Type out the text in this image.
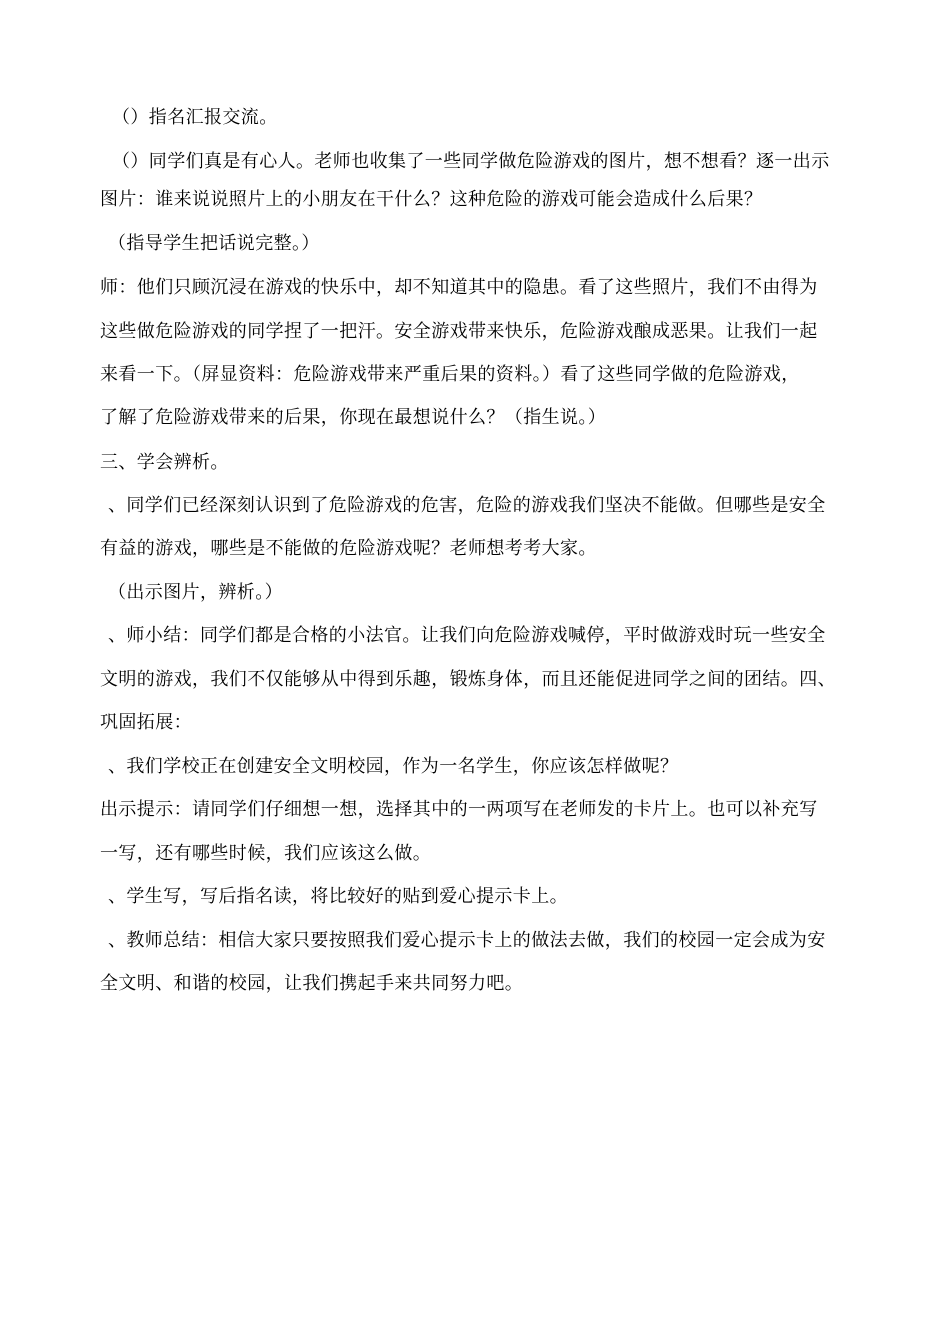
（）指名汇报交流。
（）同学们真是有心人。老师也收集了一些同学做危险游戏的图片，想不想看？逐一出示
图片：谁来说说照片上的小朋友在干什么？这种危险的游戏可能会造成什么后果？
（指导学生把话说完整。）
师：他们只顾沉浸在游戏的快乐中，却不知道其中的隐患。看了这些照片，我们不由得为
这些做危险游戏的同学捏了一把汗。安全游戏带来快乐，危险游戏酿成恶果。让我们一起
来看一下。（屏显资料：危险游戏带来严重后果的资料。）看了这些同学做的危险游戏，
了解了危险游戏带来的后果，你现在最想说什么？（指生说。）
三、学会辨析。
、同学们已经深刻认识到了危险游戏的危害，危险的游戏我们坚决不能做。但哪些是安全
有益的游戏，哪些是不能做的危险游戏呢？老师想考考大家。
（出示图片，辨析。）
、师小结：同学们都是合格的小法官。让我们向危险游戏喊停，平时做游戏时玩一些安全
文明的游戏，我们不仅能够从中得到乐趣，锻炼身体，而且还能促进同学之间的团结。四、
巩固拓展：
、我们学校正在创建安全文明校园，作为一名学生，你应该怎样做呢？
出示提示：请同学们仔细想一想，选择其中的一两项写在老师发的卡片上。也可以补充写
一写，还有哪些时候，我们应该这么做。
、学生写，写后指名读，将比较好的贴到爱心提示卡上。
、教师总结：相信大家只要按照我们爱心提示卡上的做法去做，我们的校园一定会成为安
全文明、和谐的校园，让我们携起手来共同努力吧。
